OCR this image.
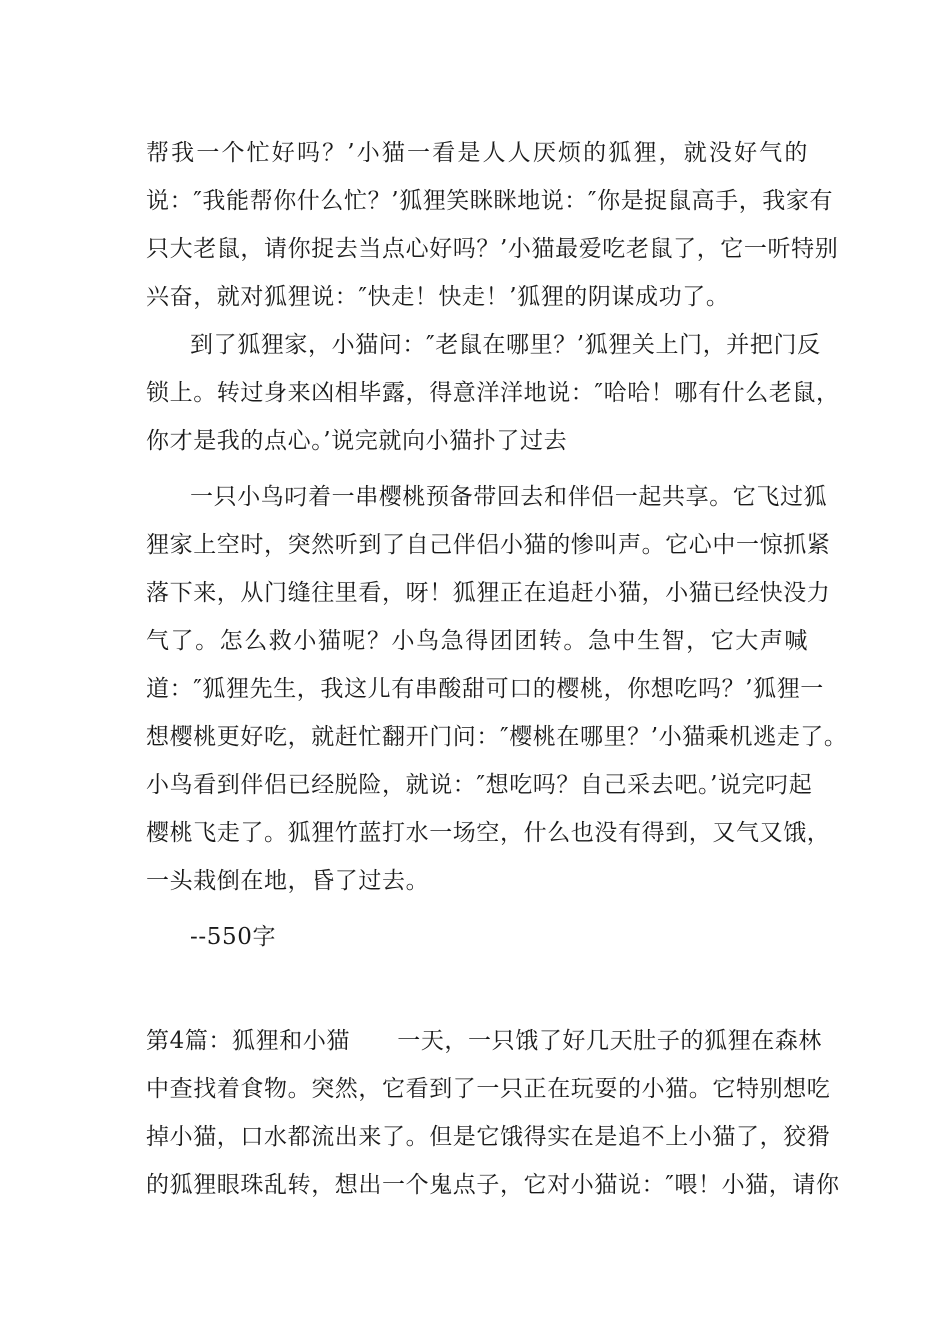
帮我一个忙好吗？’小猫一看是人人厌烦的狐狸，就没好气的
说：″我能帮你什么忙？’狐狸笑眯眯地说：″你是捉鼠高手，我家有
只大老鼠，请你捉去当点心好吗？’小猫最爱吃老鼠了，它一听特别
兴奋，就对狐狸说：″快走！快走！’狐狸的阴谋成功了。
到了狐狸家，小猫问：″老鼠在哪里？’狐狸关上门，并把门反
锁上。转过身来凶相毕露，得意洋洋地说：″哈哈！哪有什么老鼠，
你才是我的点心。’说完就向小猫扑了过去
一只小鸟叼着一串樱桃预备带回去和伴侣一起共享。它飞过狐
狸家上空时，突然听到了自己伴侣小猫的惨叫声。它心中一惊抓紧
落下来，从门缝往里看，呀！狐狸正在追赶小猫，小猫已经快没力
气了。怎么救小猫呢？小鸟急得团团转。急中生智，它大声喊
道：″狐狸先生，我这儿有串酸甜可口的樱桃，你想吃吗？’狐狸一
想樱桃更好吃，就赶忙翻开门问：″樱桃在哪里？’小猫乘机逃走了。
小鸟看到伴侣已经脱险，就说：″想吃吗？自己采去吧。’说完叼起
樱桃飞走了。狐狸竹蓝打水一场空，什么也没有得到，又气又饿，
一头栽倒在地，昏了过去。
--550字
第4篇：狐狸和小猫　　一天，一只饿了好几天肚子的狐狸在森林
中查找着食物。突然，它看到了一只正在玩耍的小猫。它特别想吃
掉小猫，口水都流出来了。但是它饿得实在是追不上小猫了，狡猾
的狐狸眼珠乱转，想出一个鬼点子，它对小猫说：″喂！小猫，请你
